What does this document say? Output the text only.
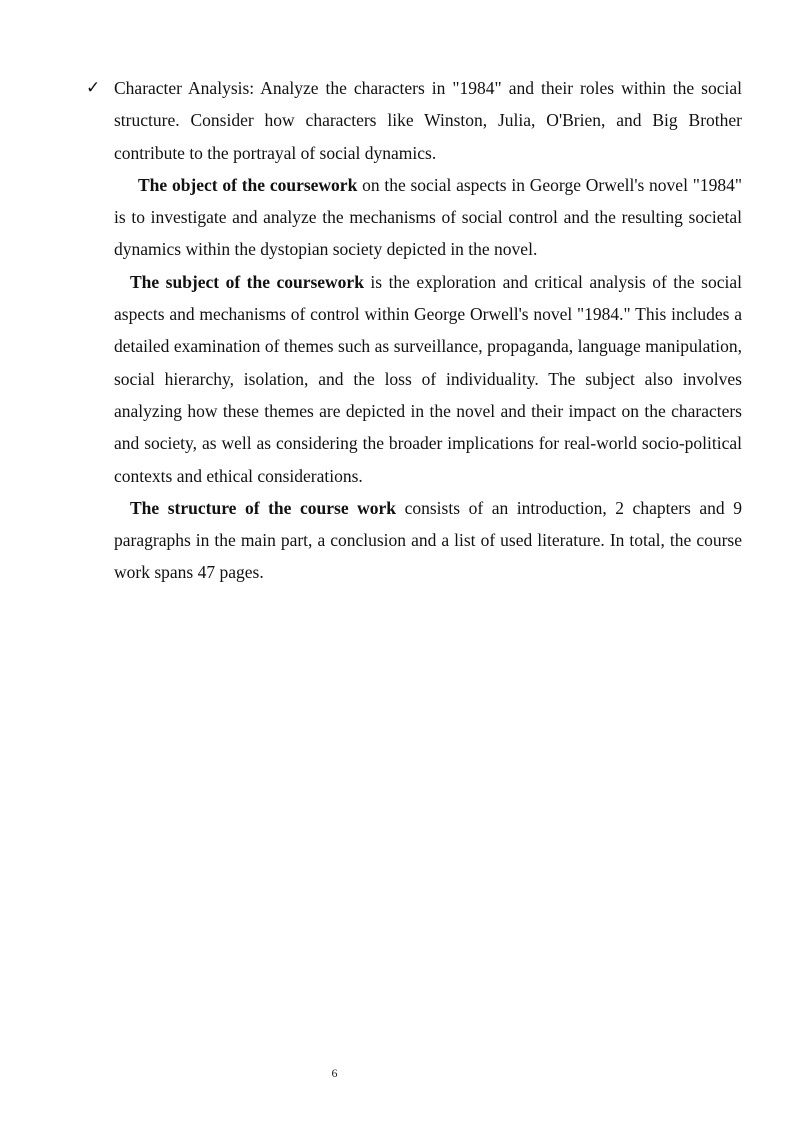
✓ Character Analysis: Analyze the characters in "1984" and their roles within the social structure. Consider how characters like Winston, Julia, O'Brien, and Big Brother contribute to the portrayal of social dynamics.

The object of the coursework on the social aspects in George Orwell's novel "1984" is to investigate and analyze the mechanisms of social control and the resulting societal dynamics within the dystopian society depicted in the novel.

The subject of the coursework is the exploration and critical analysis of the social aspects and mechanisms of control within George Orwell's novel "1984." This includes a detailed examination of themes such as surveillance, propaganda, language manipulation, social hierarchy, isolation, and the loss of individuality. The subject also involves analyzing how these themes are depicted in the novel and their impact on the characters and society, as well as considering the broader implications for real-world socio-political contexts and ethical considerations.

The structure of the course work consists of an introduction, 2 chapters and 9 paragraphs in the main part, a conclusion and a list of used literature. In total, the course work spans 47 pages.

6
